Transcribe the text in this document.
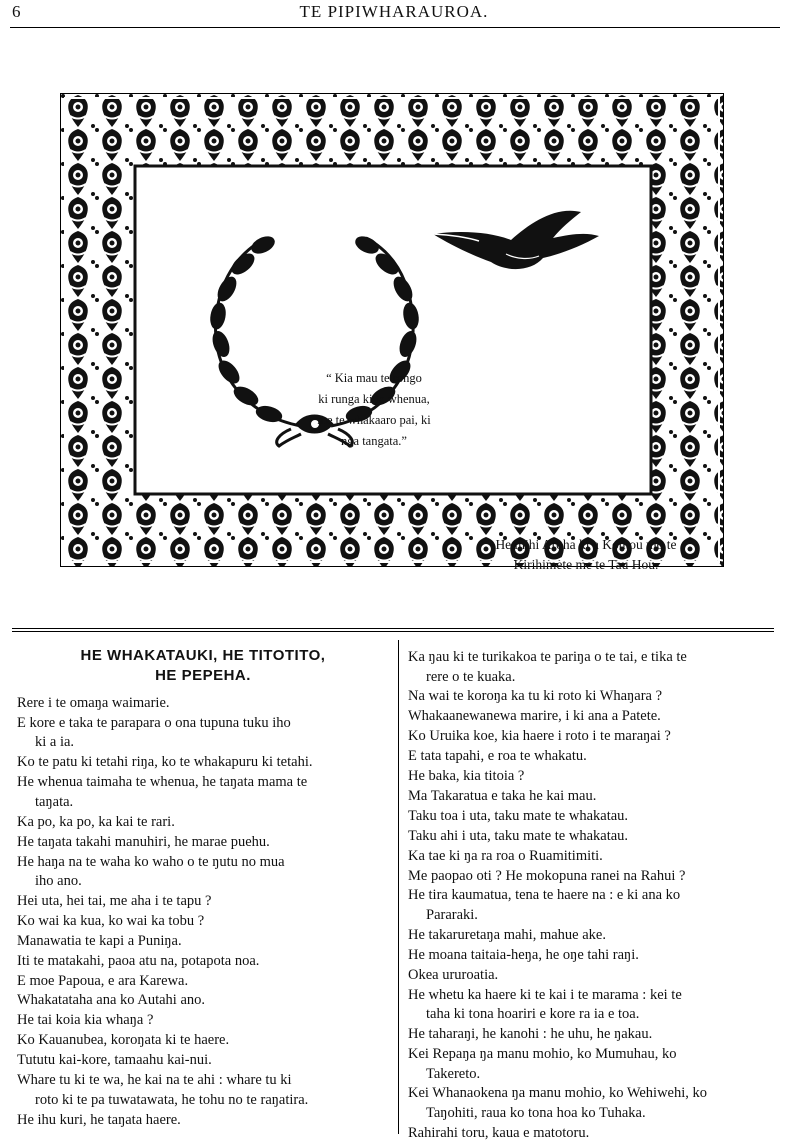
6	TE PIPIWHARAUROA.
“ Kia mau te rongo
ki runga ki te whenua,
me te whakaaro pai, ki
nga tangata.”
He mihi Aroha ki a Koutou mo te
Kirihimete me te Tau Hou.
HE WHAKATAUKI, HE TITOTITO,
HE PEPEHA.
Rere i te omaŋa waimarie.
E kore e taka te parapara o ona tupuna tuku iho
ki a ia.
Ko te patu ki tetahi riŋa, ko te whakapuru ki tetahi.
He whenua taimaha te whenua, he taŋata mama te
taŋata.
Ka po, ka po, ka kai te rari.
He taŋata takahi manuhiri, he marae puehu.
He haŋa na te waha ko waho o te ŋutu no mua
iho ano.
Hei uta, hei tai, me aha i te tapu ?
Ko wai ka kua, ko wai ka tobu ?
Manawatia te kapi a Puniŋa.
Iti te matakahi, paoa atu na, potapota noa.
E moe Papoua, e ara Karewa.
Whakatataha ana ko Autahi ano.
He tai koia kia whaŋa ?
Ko Kauanubea, koroŋata ki te haere.
Tututu kai-kore, tamaahu kai-nui.
Whare tu ki te wa, he kai na te ahi : whare tu ki
roto ki te pa tuwatawata, he tohu no te raŋatira.
He ihu kuri, he taŋata haere.
Ka ŋau ki te turikakoa te pariŋa o te tai, e tika te
rere o te kuaka.
Na wai te koroŋa ka tu ki roto ki Whaŋara ?
Whakaanewanewa marire, i ki ana a Patete.
Ko Uruika koe, kia haere i roto i te maraŋai ?
E tata tapahi, e roa te whakatu.
He baka, kia titoia ?
Ma Takaratua e taka he kai mau.
Taku toa i uta, taku mate te whakatau.
Taku ahi i uta, taku mate te whakatau.
Ka tae ki ŋa ra roa o Ruamitimiti.
Me paopao oti ? He mokopuna ranei na Rahui ?
He tira kaumatua, tena te haere na : e ki ana ko
Pararaki.
He takaruretaŋa mahi, mahue ake.
He moana taitaia-heŋa, he oŋe tahi raŋi.
Okea ururoatia.
He whetu ka haere ki te kai i te marama : kei te
taha ki tona hoariri e kore ra ia e toa.
He taharaŋi, he kanohi : he uhu, he ŋakau.
Kei Repaŋa ŋa manu mohio, ko Mumuhau, ko
Takereto.
Kei Whanaokena ŋa manu mohio, ko Wehiwehi, ko
Taŋohiti, raua ko tona hoa ko Tuhaka.
Rahirahi toru, kaua e matotoru.
